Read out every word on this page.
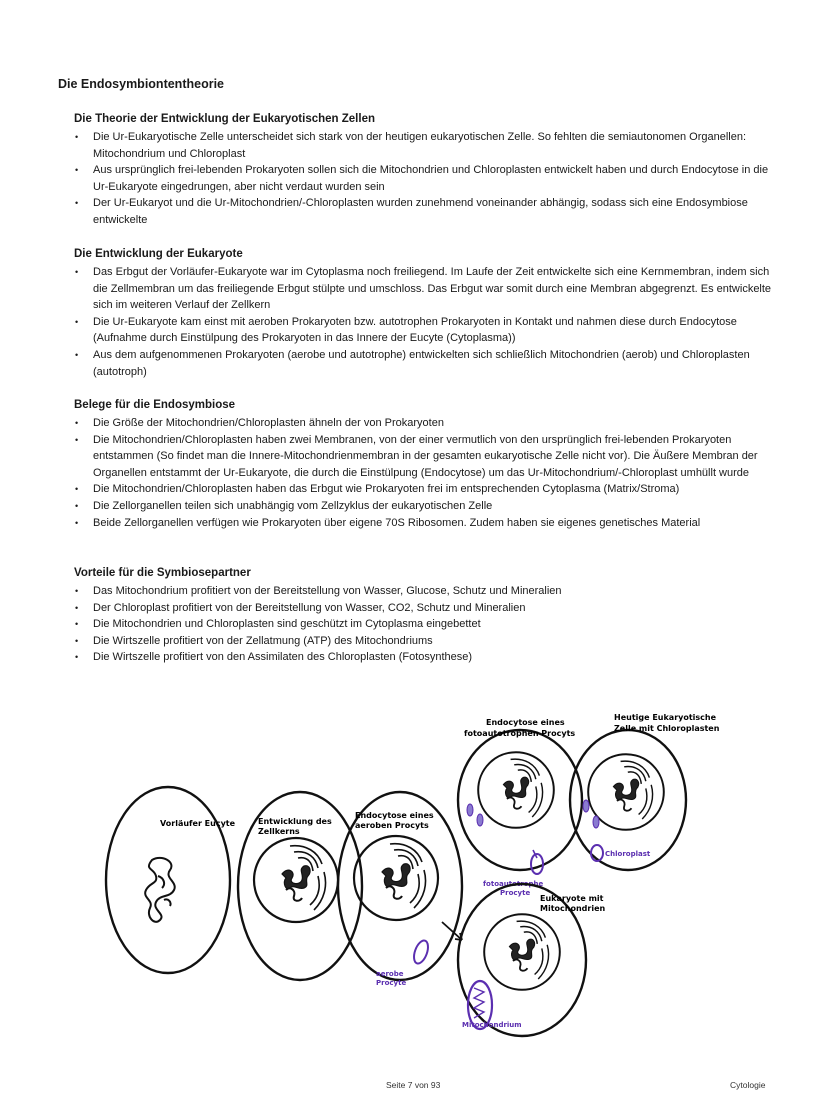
Die Endosymbiontentheorie
Die Theorie der Entwicklung der Eukaryotischen Zellen
• Die Ur-Eukaryotische Zelle unterscheidet sich stark von der heutigen eukaryotischen Zelle. So fehlten die semiautonomen Organellen: Mitochondrium und Chloroplast
• Aus ursprünglich frei-lebenden Prokaryoten sollen sich die Mitochondrien und Chloroplasten entwickelt haben und durch Endocytose in die Ur-Eukaryote eingedrungen, aber nicht verdaut wurden sein
• Der Ur-Eukaryot und die Ur-Mitochondrien/-Chloroplasten wurden zunehmend voneinander abhängig, sodass sich eine Endosymbiose entwickelte
Die Entwicklung der Eukaryote
• Das Erbgut der Vorläufer-Eukaryote war im Cytoplasma noch freiliegend. Im Laufe der Zeit entwickelte sich eine Kernmembran, indem sich die Zellmembran um das freiliegende Erbgut stülpte und umschloss. Das Erbgut war somit durch eine Membran abgegrenzt. Es entwickelte sich im weiteren Verlauf der Zellkern
• Die Ur-Eukaryote kam einst mit aeroben Prokaryoten bzw. autotrophen Prokaryoten in Kontakt und nahmen diese durch Endocytose (Aufnahme durch Einstülpung des Prokaryoten in das Innere der Eucyte (Cytoplasma))
• Aus dem aufgenommenen Prokaryoten (aerobe und autotrophe) entwickelten sich schließlich Mitochondrien (aerob) und Chloroplasten (autotroph)
Belege für die Endosymbiose
• Die Größe der Mitochondrien/Chloroplasten ähneln der von Prokaryoten
• Die Mitochondrien/Chloroplasten haben zwei Membranen, von der einer vermutlich von den ursprünglich frei-lebenden Prokaryoten entstammen (So findet man die Innere-Mitochondrienmembran in der gesamten eukaryotische Zelle nicht vor). Die Äußere Membran der Organellen entstammt der Ur-Eukaryote, die durch die Einstülpung (Endocytose) um das Ur-Mitochondrium/-Chloroplast umhüllt wurde
• Die Mitochondrien/Chloroplasten haben das Erbgut wie Prokaryoten frei im entsprechenden Cytoplasma (Matrix/Stroma)
• Die Zellorganellen teilen sich unabhängig vom Zellzyklus der eukaryotischen Zelle
• Beide Zellorganellen verfügen wie Prokaryoten über eigene 70S Ribosomen. Zudem haben sie eigenes genetisches Material
Vorteile für die Symbiosepartner
• Das Mitochondrium profitiert von der Bereitstellung von Wasser, Glucose, Schutz und Mineralien
• Der Chloroplast profitiert von der Bereitstellung von Wasser, CO2, Schutz und Mineralien
• Die Mitochondrien und Chloroplasten sind geschützt im Cytoplasma eingebettet
• Die Wirtszelle profitiert von der Zellatmung (ATP) des Mitochondriums
• Die Wirtszelle profitiert von den Assimilaten des Chloroplasten (Fotosynthese)
Vorläufer Eucyte	Entwicklung des
Zellkerns
Endocytose eines
aeroben Procyts
aerobe
Procyte
Endocytose eines
fotoautotrophen Procyts
fotoautotrophe
Procyte
Heutige Eukaryotische
Zelle mit Chloroplasten
Chloroplast
Eukaryote mit
Mitochondrien
Mitochondrium
Seite 7 von 93	Cytologie
